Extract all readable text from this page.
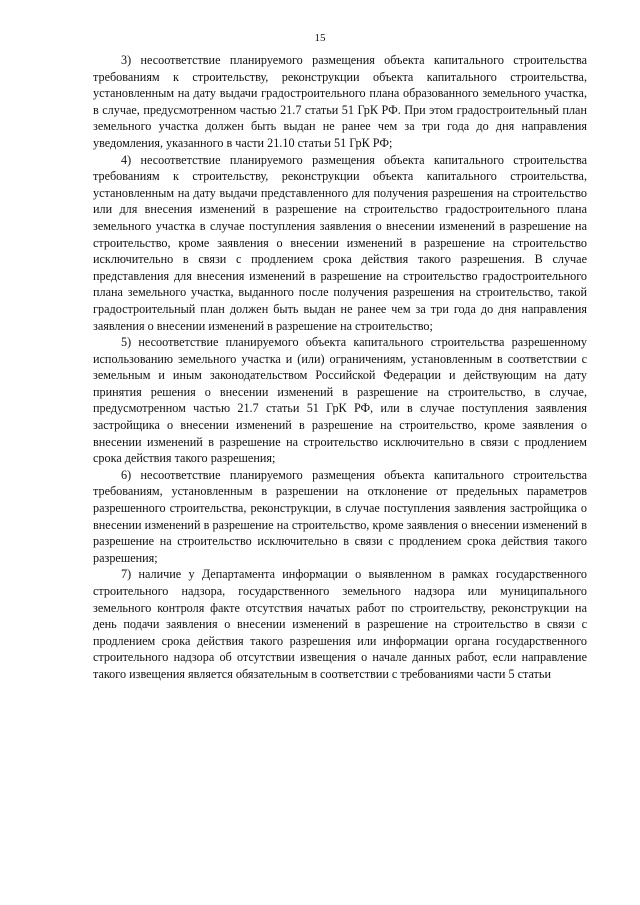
15

3) несоответствие планируемого размещения объекта капитального строительства требованиям к строительству, реконструкции объекта капитального строительства, установленным на дату выдачи градостроительного плана образованного земельного участка, в случае, предусмотренном частью 21.7 статьи 51 ГрК РФ. При этом градостроительный план земельного участка должен быть выдан не ранее чем за три года до дня направления уведомления, указанного в части 21.10 статьи 51 ГрК РФ;

4) несоответствие планируемого размещения объекта капитального строительства требованиям к строительству, реконструкции объекта капитального строительства, установленным на дату выдачи представленного для получения разрешения на строительство или для внесения изменений в разрешение на строительство градостроительного плана земельного участка в случае поступления заявления о внесении изменений в разрешение на строительство, кроме заявления о внесении изменений в разрешение на строительство исключительно в связи с продлением срока действия такого разрешения. В случае представления для внесения изменений в разрешение на строительство градостроительного плана земельного участка, выданного после получения разрешения на строительство, такой градостроительный план должен быть выдан не ранее чем за три года до дня направления заявления о внесении изменений в разрешение на строительство;

5) несоответствие планируемого объекта капитального строительства разрешенному использованию земельного участка и (или) ограничениям, установленным в соответствии с земельным и иным законодательством Российской Федерации и действующим на дату принятия решения о внесении изменений в разрешение на строительство, в случае, предусмотренном частью 21.7 статьи 51 ГрК РФ, или в случае поступления заявления застройщика о внесении изменений в разрешение на строительство, кроме заявления о внесении изменений в разрешение на строительство исключительно в связи с продлением срока действия такого разрешения;

6) несоответствие планируемого размещения объекта капитального строительства требованиям, установленным в разрешении на отклонение от предельных параметров разрешенного строительства, реконструкции, в случае поступления заявления застройщика о внесении изменений в разрешение на строительство, кроме заявления о внесении изменений в разрешение на строительство исключительно в связи с продлением срока действия такого разрешения;

7) наличие у Департамента информации о выявленном в рамках государственного строительного надзора, государственного земельного надзора или муниципального земельного контроля факте отсутствия начатых работ по строительству, реконструкции на день подачи заявления о внесении изменений в разрешение на строительство в связи с продлением срока действия такого разрешения или информации органа государственного строительного надзора об отсутствии извещения о начале данных работ, если направление такого извещения является обязательным в соответствии с требованиями части 5 статьи
